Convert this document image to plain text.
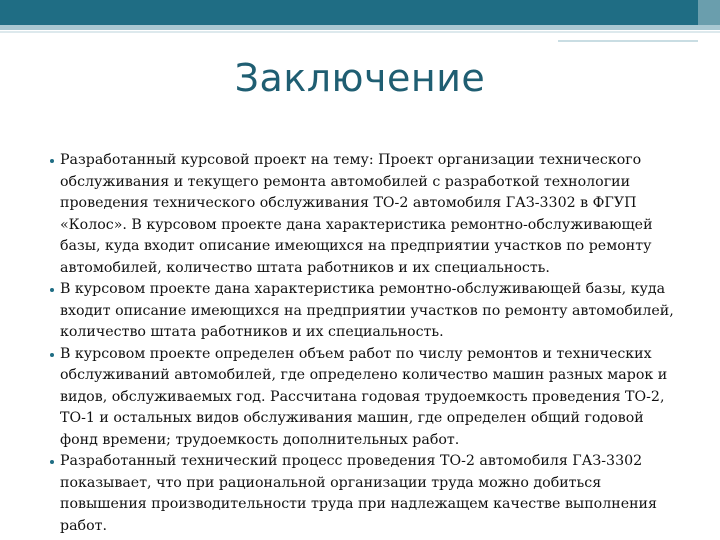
Заключение
Разработанный курсовой проект на тему: Проект организации технического обслуживания и текущего ремонта автомобилей с разработкой технологии проведения технического обслуживания ТО-2 автомобиля ГАЗ-3302 в ФГУП «Колос». В курсовом проекте дана характеристика ремонтно-обслуживающей базы, куда входит описание имеющихся на предприятии участков по ремонту автомобилей, количество штата работников и их специальность.
В курсовом проекте дана характеристика ремонтно-обслуживающей базы, куда входит описание имеющихся на предприятии участков по ремонту автомобилей, количество штата работников и их специальность.
В курсовом проекте определен объем работ по числу ремонтов и технических обслуживаний автомобилей, где определено количество машин разных марок и видов, обслуживаемых год. Рассчитана годовая трудоемкость проведения ТО-2, ТО-1 и остальных видов обслуживания машин, где определен общий годовой фонд времени; трудоемкость дополнительных работ.
Разработанный технический процесс проведения ТО-2 автомобиля ГАЗ-3302 показывает, что при рациональной организации труда можно добиться повышения производительности труда при надлежащем качестве выполнения работ.
